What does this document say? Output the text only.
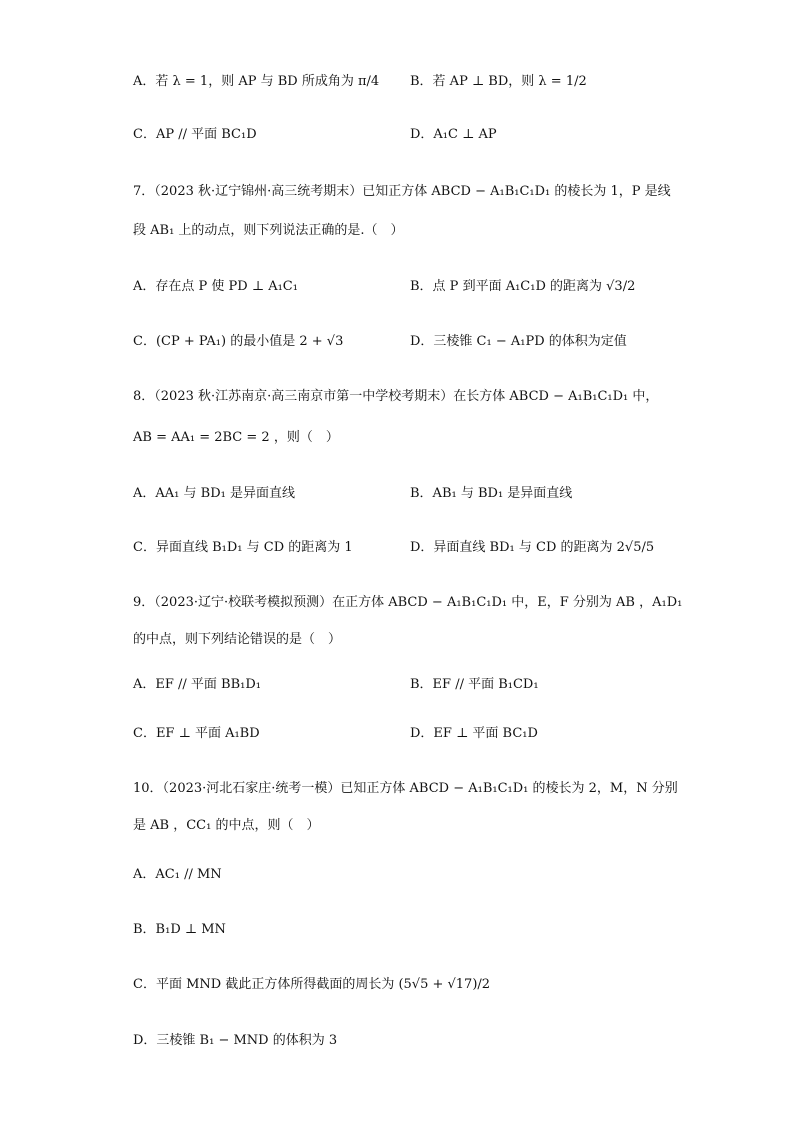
A．若 λ = 1，则 AP 与 BD 所成角为 π/4 B．若 AP ⊥ BD，则 λ = 1/2
C．AP // 平面 BC₁D	D．A₁C ⊥ AP
7．（2023 秋·辽宁锦州·高三统考期末）已知正方体 ABCD − A₁B₁C₁D₁ 的棱长为 1，P 是线
段 AB₁ 上的动点，则下列说法正确的是.（　）
A．存在点 P 使 PD ⊥ A₁C₁	B．点 P 到平面 A₁C₁D 的距离为 √3/2
C．(CP + PA₁) 的最小值是 2 + √3	D．三棱锥 C₁ − A₁PD 的体积为定值
8．（2023 秋·江苏南京·高三南京市第一中学校考期末）在长方体 ABCD − A₁B₁C₁D₁ 中，
AB = AA₁ = 2BC = 2 ，则（　）
A．AA₁ 与 BD₁ 是异面直线	B．AB₁ 与 BD₁ 是异面直线
C．异面直线 B₁D₁ 与 CD 的距离为 1	D．异面直线 BD₁ 与 CD 的距离为 2√5/5
9．（2023·辽宁·校联考模拟预测）在正方体 ABCD − A₁B₁C₁D₁ 中，E，F 分别为 AB ，A₁D₁
的中点，则下列结论错误的是（　）
A．EF // 平面 BB₁D₁	B．EF // 平面 B₁CD₁
C．EF ⊥ 平面 A₁BD	D．EF ⊥ 平面 BC₁D
10．（2023·河北石家庄·统考一模）已知正方体 ABCD − A₁B₁C₁D₁ 的棱长为 2，M，N 分别
是 AB ，CC₁ 的中点，则（　）
A．AC₁ // MN
B．B₁D ⊥ MN
C．平面 MND 截此正方体所得截面的周长为 (5√5 + √17)/2
D．三棱锥 B₁ − MND 的体积为 3
